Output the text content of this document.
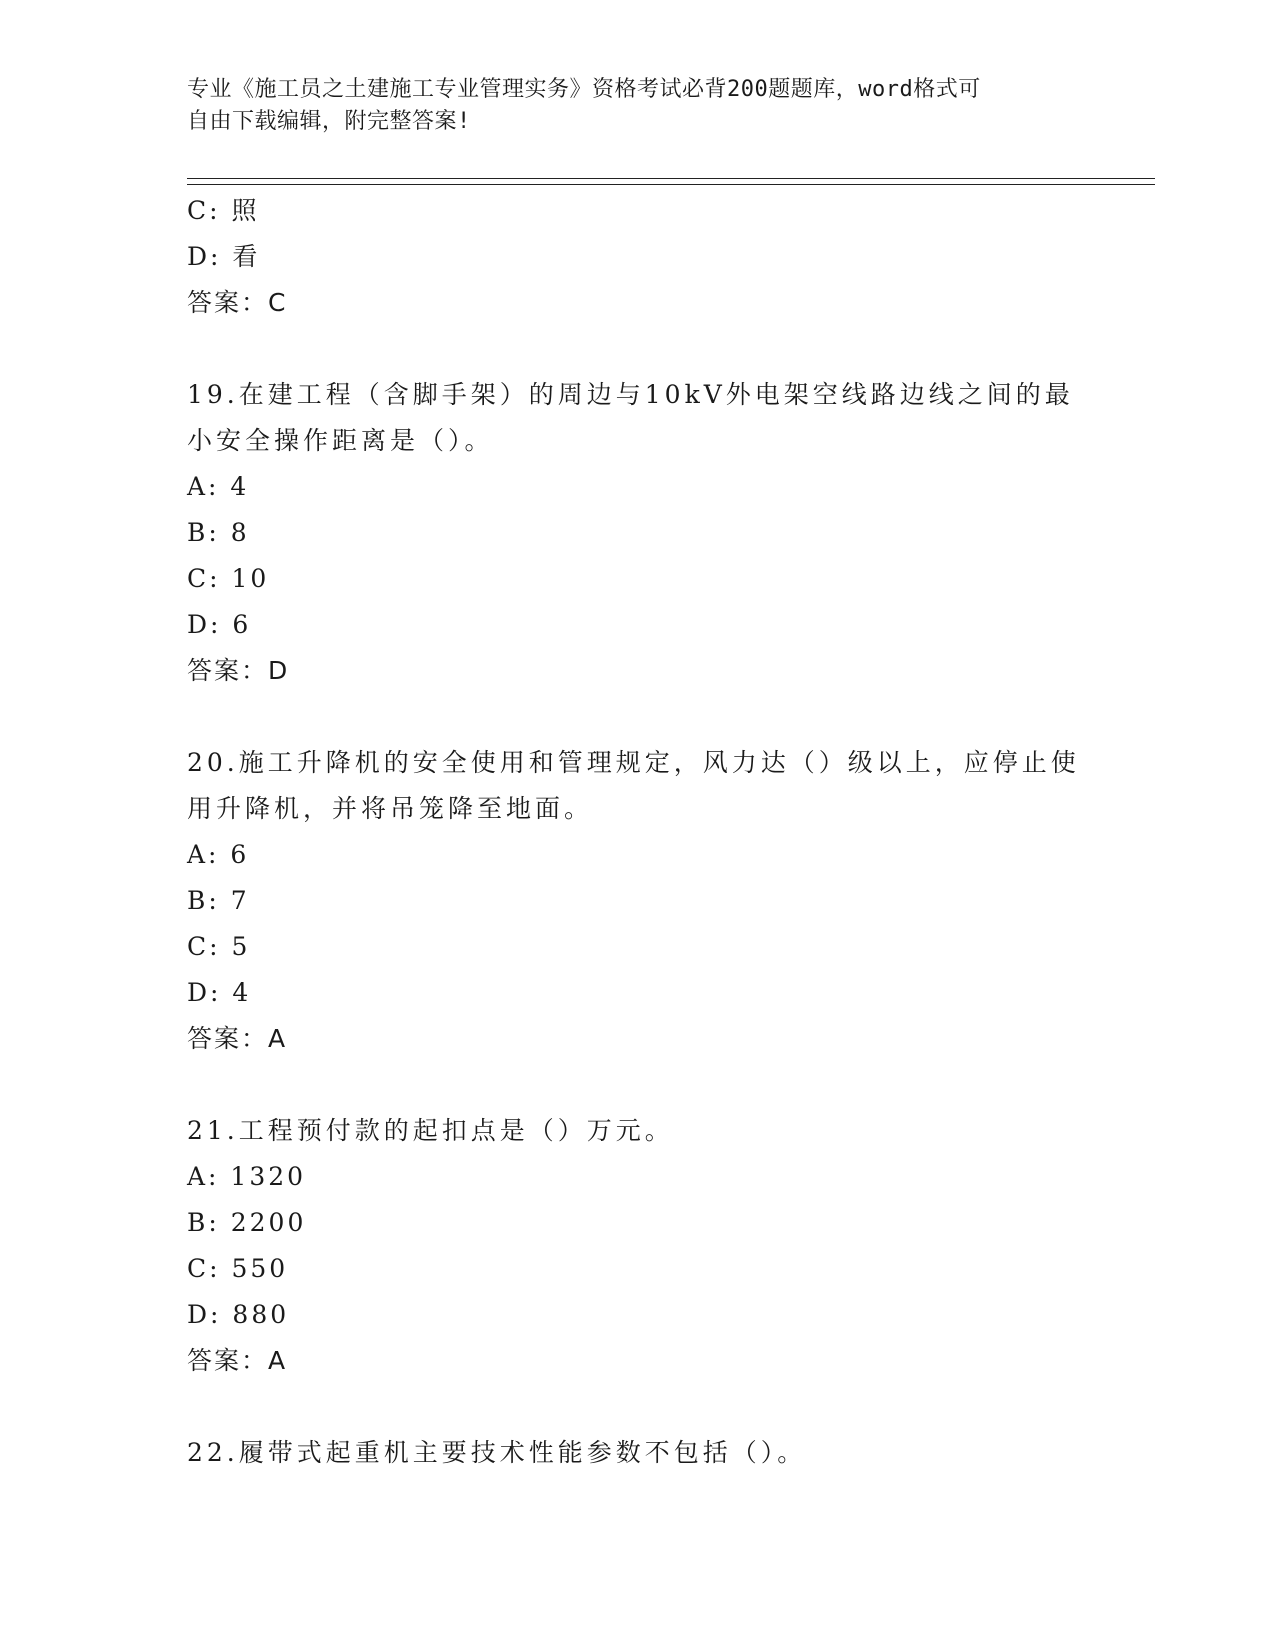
专业《施工员之土建施工专业管理实务》资格考试必背200题题库，word格式可
自由下载编辑，附完整答案!
C: 照
D: 看
答案：C
19.在建工程（含脚手架）的周边与10kV外电架空线路边线之间的最
小安全操作距离是（）。
A: 4
B: 8
C: 10
D: 6
答案：D
20.施工升降机的安全使用和管理规定，风力达（）级以上，应停止使
用升降机，并将吊笼降至地面。
A: 6
B: 7
C: 5
D: 4
答案：A
21.工程预付款的起扣点是（）万元。
A: 1320
B: 2200
C: 550
D: 880
答案：A
22.履带式起重机主要技术性能参数不包括（）。
